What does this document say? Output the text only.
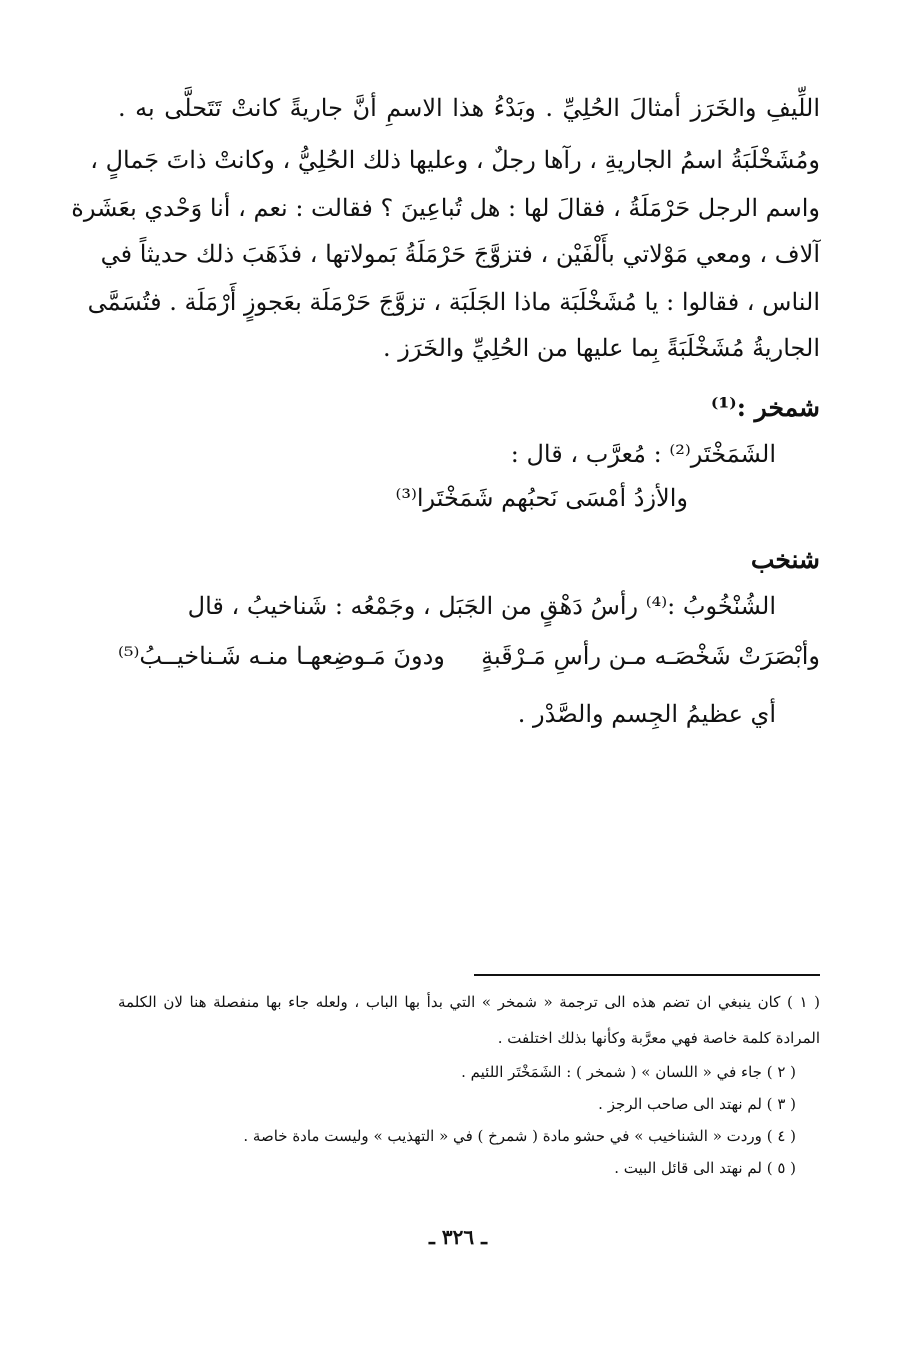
اللِّيفِ والخَرَز أمثالَ الحُلِيِّ . وبَدْءُ هذا الاسمِ أنَّ جاريةً كانتْ تَتَحلَّى به .
ومُشَخْلَبَةُ اسمُ الجاريةِ ، رآها رجلٌ ، وعليها ذلك الحُلِيُّ ، وكانتْ ذاتَ جَمالٍ ،
واسم الرجل حَرْمَلَةُ ، فقالَ لها : هل تُباعِينَ ؟ فقالت : نعم ، أنا وَحْدي بعَشَرة
آلاف ، ومعي مَوْلاتي بأَلْفَيْن ، فتزوَّجَ حَرْمَلَةُ بَمولاتها ، فذَهَبَ ذلك حديثاً في
الناس ، فقالوا : يا مُشَخْلَبَة ماذا الجَلَبَة ، تزوَّجَ حَرْمَلَة بعَجوزٍ أَرْمَلَة . فتُسَمَّى
الجاريةُ مُشَخْلَبَةً بِما عليها من الحُلِيِّ والخَرَز .
شمخر :⁽¹⁾
الشَمَخْتَر⁽²⁾ : مُعرَّب ، قال :
والأزدُ أمْسَى نَحبُهم شَمَخْتَرا⁽³⁾
شنخب
الشُنْخُوبُ :⁽⁴⁾ رأسُ دَهْقٍ من الجَبَل ، وجَمْعُه : شَناخيبُ ، قال
وأبْصَرَتْ شَخْصَـه مـن رأسِ مَـرْقَبةٍ
ودونَ مَـوضِعهـا منـه شَـناخيــبُ⁽⁵⁾
أي عظيمُ الجِسم والصَّدْر .
( ١ ) كان ينبغي ان تضم هذه الى ترجمة « شمخر » التي بدأ بها الباب ، ولعله جاء بها منفصلة هنا لان الكلمة
المرادة كلمة خاصة فهي معرَّبة وكأنها بذلك اختلفت .
( ٢ ) جاء في « اللسان » ( شمخر ) : الشَمَخْتَر اللئيم .
( ٣ ) لم نهتد الى صاحب الرجز .
( ٤ ) وردت « الشناخيب » في حشو مادة ( شمرخ ) في « التهذيب » وليست مادة خاصة .
( ٥ ) لم نهتد الى قائل البيت .
ـ ٣٢٦ ـ
